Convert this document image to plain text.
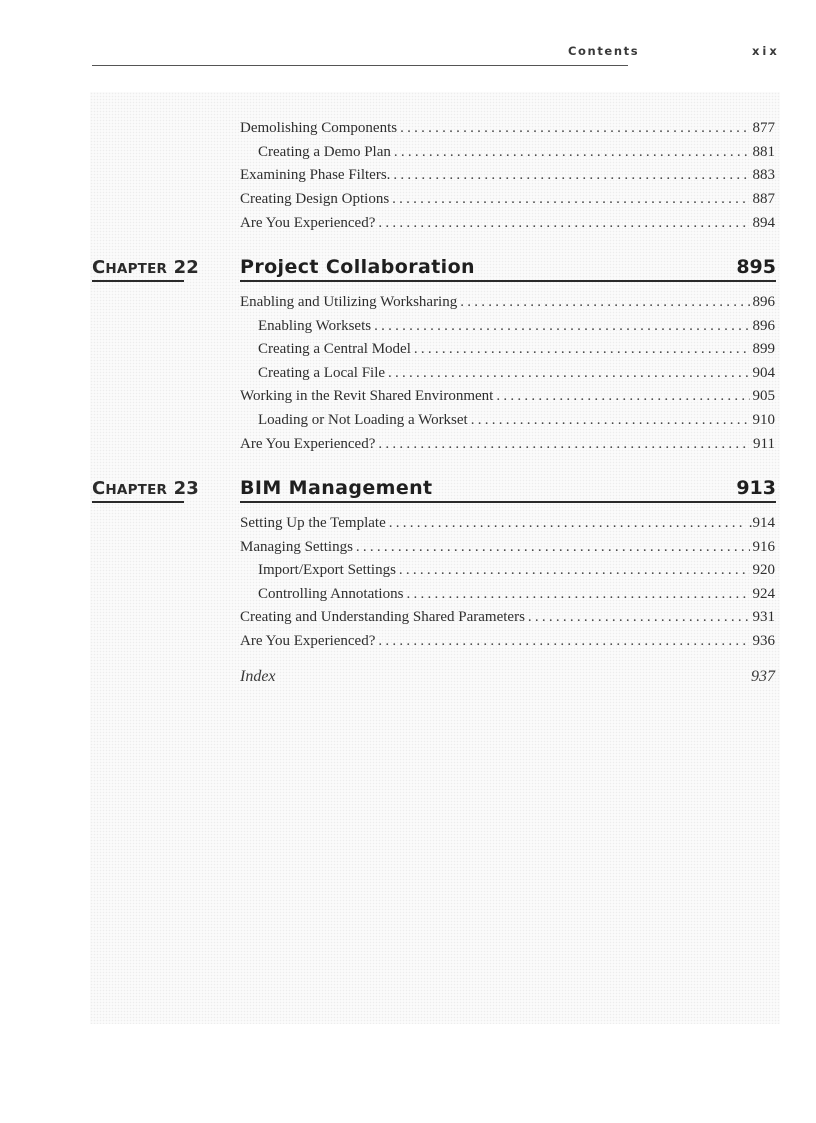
Contents	xix
Demolishing Components . . .	877
Creating a Demo Plan . . .	881
Examining Phase Filters. . . .	883
Creating Design Options . . .	887
Are You Experienced? . . .	894
CHAPTER 22 Project Collaboration	895
Enabling and Utilizing Worksharing . . .	896
Enabling Worksets . . .	896
Creating a Central Model . . .	899
Creating a Local File . . .	904
Working in the Revit Shared Environment . . .	905
Loading or Not Loading a Workset . . .	910
Are You Experienced? . . .	911
CHAPTER 23 BIM Management	913
Setting Up the Template . . .	.914
Managing Settings . . .	916
Import/Export Settings . . .	920
Controlling Annotations . . .	924
Creating and Understanding Shared Parameters . . .	931
Are You Experienced? . . .	936
Index	937
